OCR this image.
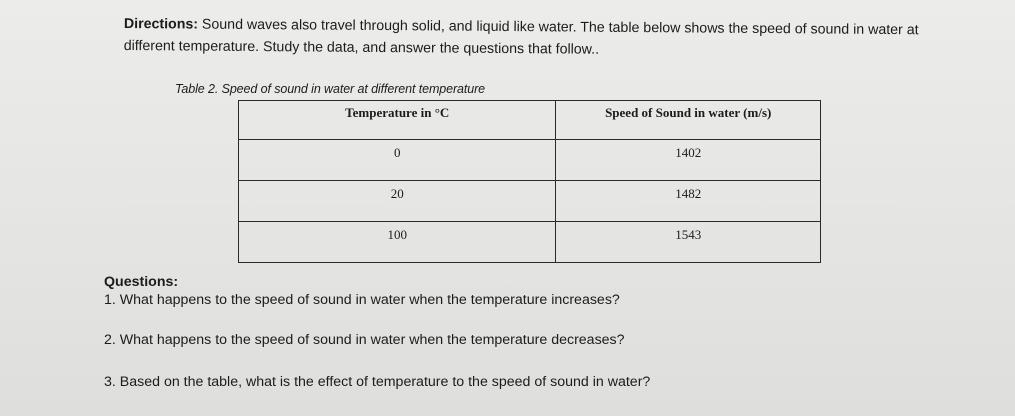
Directions: Sound waves also travel through solid, and liquid like water. The table below shows the speed of sound in water at different temperature. Study the data, and answer the questions that follow..
Table 2. Speed of sound in water at different temperature
Temperature in °C	Speed of Sound in water (m/s)
0	1402
20	1482
100	1543
Questions:
1. What happens to the speed of sound in water when the temperature increases?
2. What happens to the speed of sound in water when the temperature decreases?
3. Based on the table, what is the effect of temperature to the speed of sound in water?
